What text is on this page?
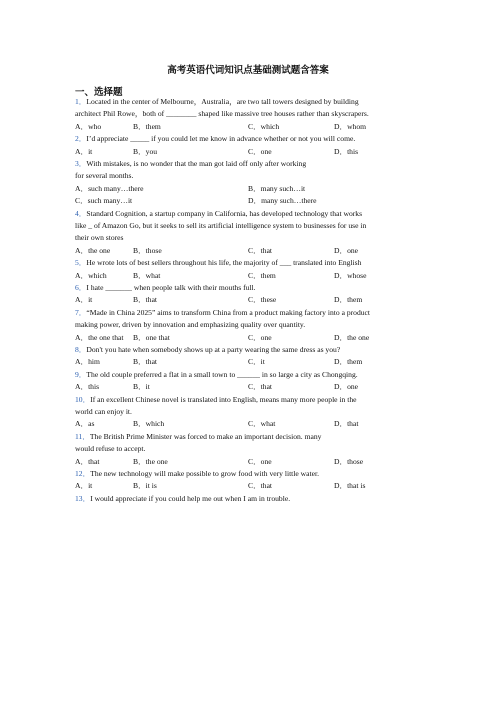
高考英语代词知识点基础测试题含答案
一、选择题
1．Located in the center of Melbourne，Australia，are two tall towers designed by building
architect Phil Rowe，both of ________ shaped like massive tree houses rather than skyscrapers.
A．who	B．them	C．which	D．whom
2．I’d appreciate _____ if you could let me know in advance whether or not you will come.
A．it	B．you	C．one	D．this
3．With mistakes, is no wonder that the man got laid off only after working
for several months.
A．such many…there	B．many such…it
C．such many…it	D．many such…there
4．Standard Cognition, a startup company in California, has developed technology that works
like _ of Amazon Go, but it seeks to sell its artificial intelligence system to businesses for use in
their own stores
A．the one	B．those	C．that	D．one
5．He wrote lots of best sellers throughout his life, the majority of ___ translated into English
A．which	B．what	C．them	D．whose
6．I hate _______ when people talk with their mouths full.
A．it	B．that	C．these	D．them
7．“Made in China 2025” aims to transform China from a product making factory into a product
making power, driven by innovation and emphasizing quality over quantity.
A．the one that B．one that	C．one	D．the one
8．Don't you hate when somebody shows up at a party wearing the same dress as you?
A．him	B．that	C．it	D．them
9．The old couple preferred a flat in a small town to ______ in so large a city as Chongqing.
A．this	B．it	C．that	D．one
10．If an excellent Chinese novel is translated into English, means many more people in the
world can enjoy it.
A．as	B．which	C．what	D．that
11．The British Prime Minister was forced to make an important decision. many
would refuse to accept.
A．that	B．the one	C．one	D．those
12．The new technology will make possible to grow food with very little water.
A．it	B．it is	C．that	D．that is
13．I would appreciate if you could help me out when I am in trouble.
